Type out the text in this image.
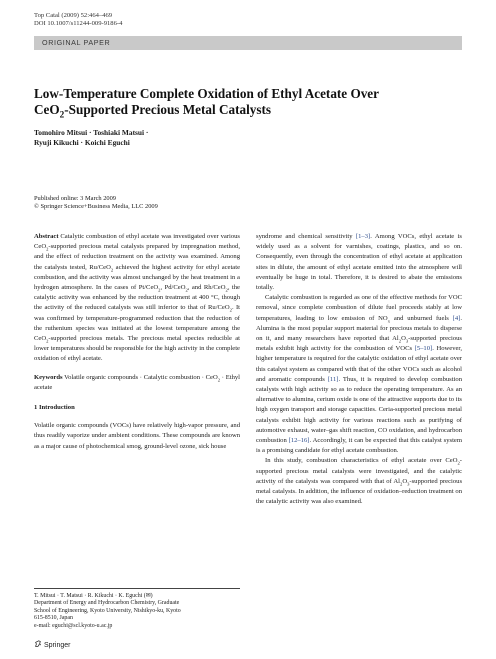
Top Catal (2009) 52:464–469
DOI 10.1007/s11244-009-9186-4
ORIGINAL PAPER
Low-Temperature Complete Oxidation of Ethyl Acetate Over
CeO$_2$-Supported Precious Metal Catalysts
Tomohiro Mitsui · Toshiaki Matsui ·
Ryuji Kikuchi · Koichi Eguchi
Published online: 3 March 2009
© Springer Science+Business Media, LLC 2009

Abstract Catalytic combustion of ethyl acetate was investigated over various CeO$_2$-supported precious metal catalysts prepared by impregnation method, and the effect of reduction treatment on the activity was examined. Among the catalysts tested, Ru/CeO$_2$ achieved the highest activity for ethyl acetate combustion, and the activity was almost unchanged by the heat treatment in a hydrogen atmosphere. In the cases of Pt/CeO$_2$, Pd/CeO$_2$, and Rh/CeO$_2$, the catalytic activity was enhanced by the reduction treatment at 400 °C, though the activity of the reduced catalysts was still inferior to that of Ru/CeO$_2$. It was confirmed by temperature-programmed reduction that the reduction of the ruthenium species was initiated at the lowest temperature among the CeO$_2$-supported precious metals. The precious metal species reducible at lower temperatures should be responsible for the high activity in the complete oxidation of ethyl acetate.

Keywords Volatile organic compounds · Catalytic combustion · CeO$_2$ · Ethyl acetate

1 Introduction

Volatile organic compounds (VOCs) have relatively high-vapor pressure, and thus readily vaporize under ambient conditions. These compounds are known as a major cause of photochemical smog, ground-level ozone, sick house

T. Mitsui · T. Matsui · R. Kikuchi · K. Eguchi (✉)
Department of Energy and Hydrocarbon Chemistry, Graduate
School of Engineering, Kyoto University, Nishikyo-ku, Kyoto
615-8510, Japan
e-mail: eguchi@scl.kyoto-u.ac.jp

syndrome and chemical sensitivity [1–3]. Among VOCs, ethyl acetate is widely used as a solvent for varnishes, coatings, plastics, and so on. Consequently, even through the concentration of ethyl acetate at application sites in dilute, the amount of ethyl acetate emitted into the atmosphere will eventually be huge in total. Therefore, it is desired to abate the emissions totally.

Catalytic combustion is regarded as one of the effective methods for VOC removal, since complete combustion of dilute fuel proceeds stably at low temperatures, leading to low emission of $NO_x$ and unburned fuels [4]. Alumina is the most popular support material for precious metals to disperse on it, and many researchers have reported that $Al_2O_3$-supported precious metals exhibit high activity for the combustion of VOCs [5–10]. However, higher temperature is required for the catalytic oxidation of ethyl acetate over this catalyst system as compared with that of the other VOCs such as alcohol and aromatic compounds [11]. Thus, it is required to develop combustion catalysts with high activity so as to reduce the operating temperature. As an alternative to alumina, cerium oxide is one of the attractive supports due to its high oxygen transport and storage capacities. Ceria-supported precious metal catalysts exhibit high activity for various reactions such as purifying of automotive exhaust, water–gas shift reaction, CO oxidation, and hydrocarbon combustion [12–16]. Accordingly, it can be expected that this catalyst system is a promising candidate for ethyl acetate combustion.

In this study, combustion characteristics of ethyl acetate over CeO$_2$-supported precious metal catalysts were investigated, and the catalytic activity of the catalysts was compared with that of $Al_2O_3$-supported precious metal catalysts. In addition, the influence of oxidation–reduction treatment on the catalytic activity was also examined.

Springer
